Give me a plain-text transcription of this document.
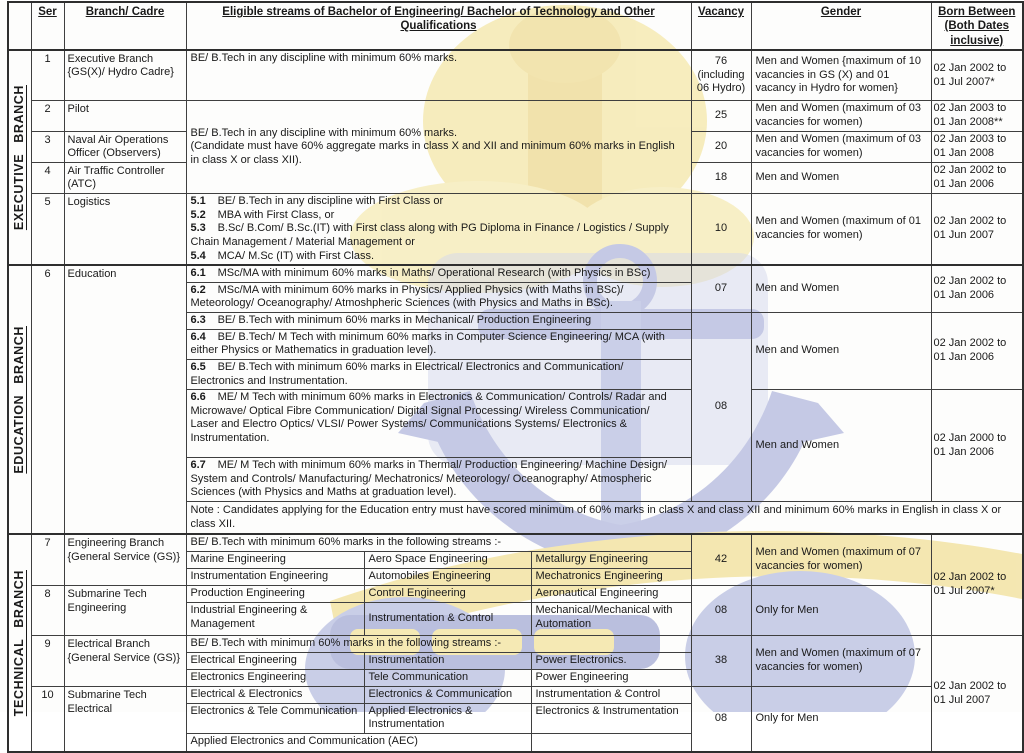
	Ser	Branch/ Cadre	Eligible streams of Bachelor of Engineering/ Bachelor of Technology and Other Qualifications			Vacancy	Gender	Born Between (Both Dates inclusive)

EXECUTIVE BRANCH	1	Executive Branch {GS(X)/ Hydro Cadre}	BE/ B.Tech in any discipline with minimum 60% marks.			76 (including 06 Hydro)	Men and Women {maximum of 10 vacancies in GS (X) and 01 vacancy in Hydro for women}	02 Jan 2002 to 01 Jul 2007*
	2	Pilot	BE/ B.Tech in any discipline with minimum 60% marks.
(Candidate must have 60% aggregate marks in class X and XII and minimum 60% marks in English in class X or class XII).			25	Men and Women (maximum of 03 vacancies for women)	02 Jan 2003 to 01 Jan 2008**
	3	Naval Air Operations Officer (Observers)				20	Men and Women (maximum of 03 vacancies for women)	02 Jan 2003 to 01 Jan 2008
	4	Air Traffic Controller (ATC)				18	Men and Women	02 Jan 2002 to 01 Jan 2006
	5	Logistics	5.1 BE/ B.Tech in any discipline with First Class or
5.2 MBA with First Class, or
5.3 B.Sc/ B.Com/ B.Sc.(IT) with First class along with PG Diploma in Finance / Logistics / Supply Chain Management / Material Management or
5.4 MCA/ M.Sc (IT) with First Class.			10	Men and Women (maximum of 01 vacancies for women)	02 Jan 2002 to 01 Jun 2007

EDUCATION BRANCH	6	Education	6.1 MSc/MA with minimum 60% marks in Maths/ Operational Research (with Physics in BSc)			07	Men and Women	02 Jan 2002 to 01 Jan 2006
			6.2 MSc/MA with minimum 60% marks in Physics/ Applied Physics (with Maths in BSc)/ Meteorology/ Oceanography/ Atmoshpheric Sciences (with Physics and Maths in BSc).					
			6.3 BE/ B.Tech with minimum 60% marks in Mechanical/ Production Engineering			08	Men and Women	02 Jan 2002 to 01 Jan 2006
			6.4 BE/ B.Tech/ M Tech with minimum 60% marks in Computer Science Engineering/ MCA (with either Physics or Mathematics in graduation level).					
			6.5 BE/ B.Tech with minimum 60% marks in Electrical/ Electronics and Communication/ Electronics and Instrumentation.					
			6.6 ME/ M Tech with minimum 60% marks in Electronics & Communication/ Controls/ Radar and Microwave/ Optical Fibre Communication/ Digital Signal Processing/ Wireless Communication/ Laser and Electro Optics/ VLSI/ Power Systems/ Communications Systems/ Electronics & Instrumentation.				Men and Women	02 Jan 2000 to 01 Jan 2006
			6.7 ME/ M Tech with minimum 60% marks in Thermal/ Production Engineering/ Machine Design/ System and Controls/ Manufacturing/ Mechatronics/ Meteorology/ Oceanography/ Atmospheric Sciences (with Physics and Maths at graduation level).					
			Note : Candidates applying for the Education entry must have scored minimum of 60% marks in class X and class XII and minimum 60% marks in English in class X or class XII.					

TECHNICAL BRANCH	7	Engineering Branch {General Service (GS)}	BE/ B.Tech with minimum 60% marks in the following streams :-			42	Men and Women (maximum of 07 vacancies for women)	02 Jan 2002 to 01 Jul 2007*
			Marine Engineering	Aero Space Engineering	Metallurgy Engineering			
			Instrumentation Engineering	Automobiles Engineering	Mechatronics Engineering			
	8	Submarine Tech Engineering	Production Engineering	Control Engineering	Aeronautical Engineering	08	Only for Men	
			Industrial Engineering & Management	Instrumentation & Control	Mechanical/Mechanical with Automation			
	9	Electrical Branch {General Service (GS)}	BE/ B.Tech with minimum 60% marks in the following streams :-			38	Men and Women (maximum of 07 vacancies for women)	02 Jan 2002 to 01 Jul 2007
			Electrical Engineering	Instrumentation	Power Electronics.			
			Electronics Engineering	Tele Communication	Power Engineering			
	10	Submarine Tech Electrical	Electrical & Electronics	Electronics & Communication	Instrumentation & Control	08	Only for Men	
			Electronics & Tele Communication	Applied Electronics & Instrumentation	Electronics & Instrumentation			
			Applied Electronics and Communication (AEC)					
